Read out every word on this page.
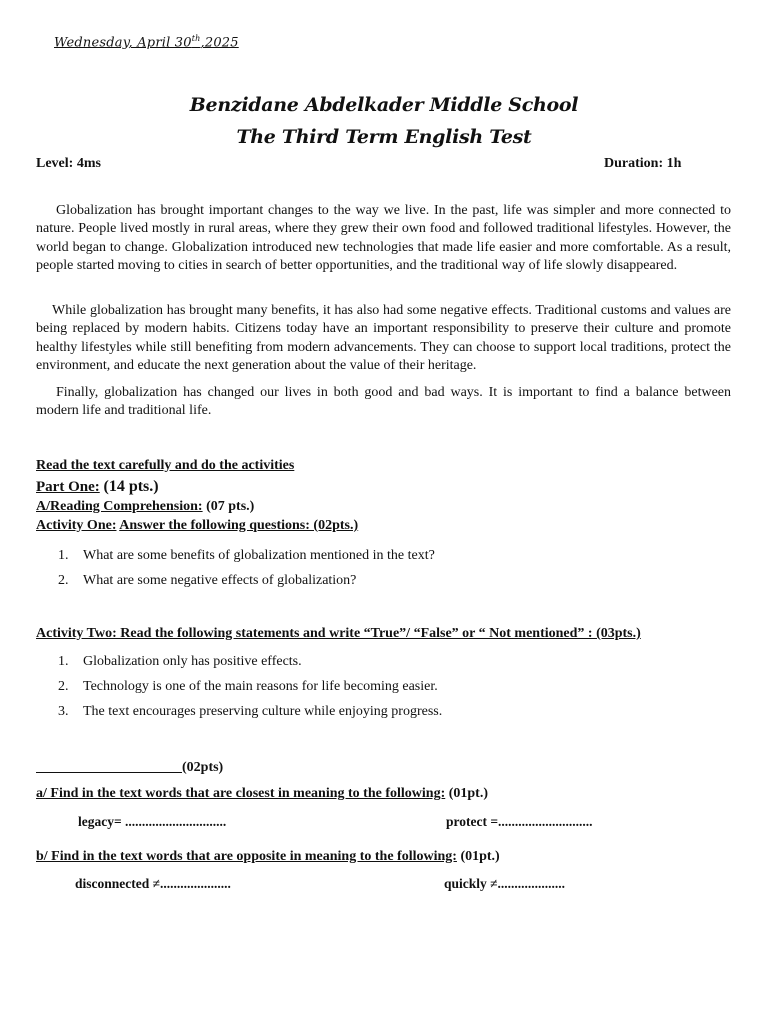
Wednesday, April 30th,2025
Benzidane Abdelkader Middle School
The Third Term English Test
Level: 4ms	Duration: 1h

Globalization has brought important changes to the way we live. In the past, life was simpler and more connected to nature. People lived mostly in rural areas, where they grew their own food and followed traditional lifestyles. However, the world began to change. Globalization introduced new technologies that made life easier and more comfortable. As a result, people started moving to cities in search of better opportunities, and the traditional way of life slowly disappeared.

While globalization has brought many benefits, it has also had some negative effects. Traditional customs and values are being replaced by modern habits. Citizens today have an important responsibility to preserve their culture and promote healthy lifestyles while still benefiting from modern advancements. They can choose to support local traditions, protect the environment, and educate the next generation about the value of their heritage.

Finally, globalization has changed our lives in both good and bad ways. It is important to find a balance between modern life and traditional life.

Read the text carefully and do the activities
Part One: (14 pts.)
A/Reading Comprehension: (07 pts.)
Activity One: Answer the following questions: (02pts.)
1. What are some benefits of globalization mentioned in the text?
2. What are some negative effects of globalization?
Activity Two: Read the following statements and write “True”/ “False” or “ Not mentioned” : (03pts.)
1. Globalization only has positive effects.
2. Technology is one of the main reasons for life becoming easier.
3. The text encourages preserving culture while enjoying progress.
(02pts)
a/ Find in the text words that are closest in meaning to the following: (01pt.)
legacy= ..............................	protect =............................
b/ Find in the text words that are opposite in meaning to the following: (01pt.)
disconnected ≠.....................	quickly ≠....................
